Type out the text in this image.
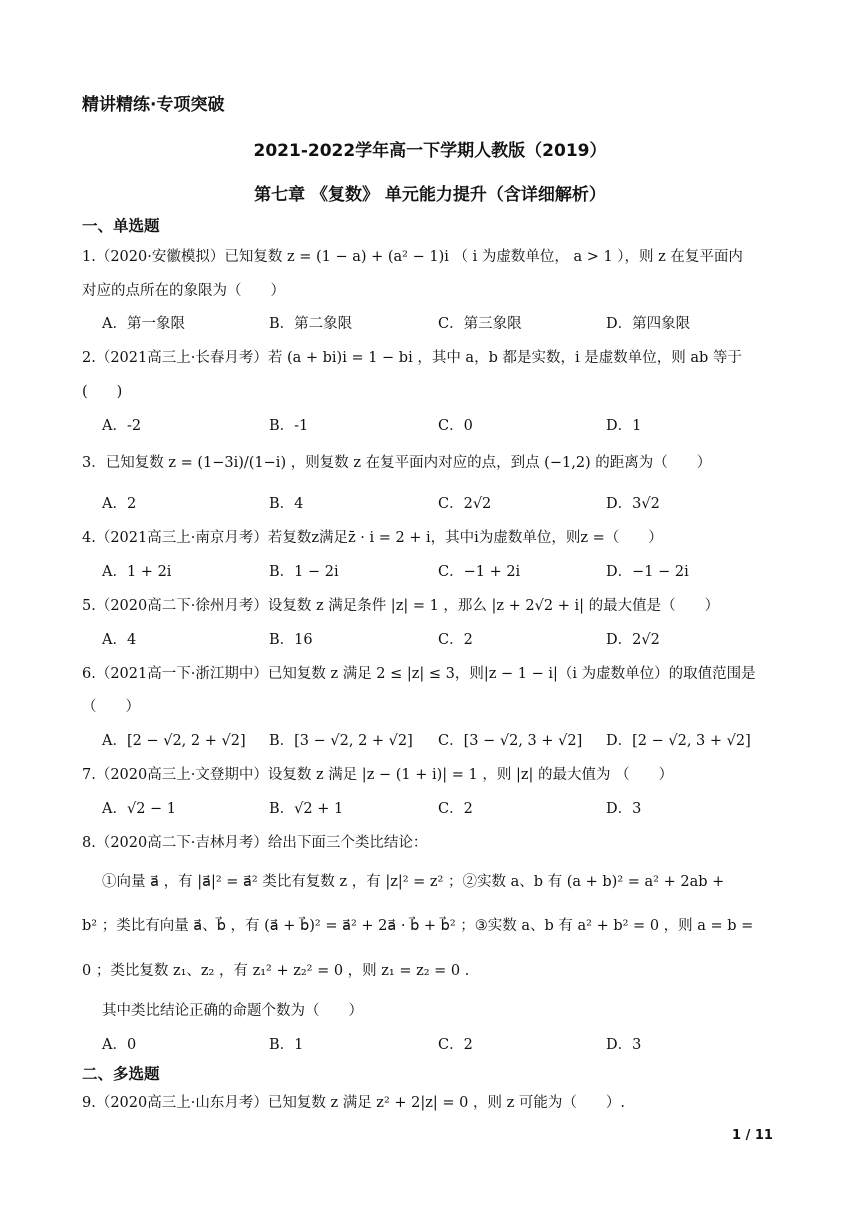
精讲精练·专项突破
2021-2022学年高一下学期人教版（2019）
第七章 《复数》 单元能力提升（含详细解析）
一、单选题
1.（2020·安徽模拟）已知复数 z = (1 − a) + (a² − 1)i （ i 为虚数单位， a > 1 ），则 z 在复平面内
对应的点所在的象限为（　　）
A．第一象限	B．第二象限	C．第三象限	D．第四象限
2.（2021高三上·长春月考）若 (a + bi)i = 1 − bi ，其中 a，b 都是实数，i 是虚数单位，则 ab 等于
(　　)
A．-2	B．-1	C．0	D．1
3．已知复数 z = (1−3i)/(1−i) ，则复数 z 在复平面内对应的点，到点 (−1,2) 的距离为（　　）
A．2	B．4	C．2√2	D．3√2
4.（2021高三上·南京月考）若复数z满足z̄ · i = 2 + i，其中i为虚数单位，则z =（　　）
A．1 + 2i	B．1 − 2i	C．−1 + 2i	D．−1 − 2i
5.（2020高二下·徐州月考）设复数 z 满足条件 |z| = 1 ，那么 |z + 2√2 + i| 的最大值是（　　）
A．4	B．16	C．2	D．2√2
6.（2021高一下·浙江期中）已知复数 z 满足 2 ≤ |z| ≤ 3，则|z − 1 − i|（i 为虚数单位）的取值范围是
（　　）
A．[2 − √2, 2 + √2] B．[3 − √2, 2 + √2] C．[3 − √2, 3 + √2] D．[2 − √2, 3 + √2]
7.（2020高三上·文登期中）设复数 z 满足 |z − (1 + i)| = 1 ，则 |z| 的最大值为 （　　）
A．√2 − 1	B．√2 + 1	C．2	D．3
8.（2020高二下·吉林月考）给出下面三个类比结论：
①向量 a⃗ ，有 |a⃗|² = a⃗² 类比有复数 z ，有 |z|² = z² ；②实数 a、b 有 (a + b)² = a² + 2ab +
b² ；类比有向量 a⃗、b⃗ ，有 (a⃗ + b⃗)² = a⃗² + 2a⃗ · b⃗ + b⃗² ；③实数 a、b 有 a² + b² = 0 ，则 a = b =
0 ；类比复数 z₁、z₂ ，有 z₁² + z₂² = 0 ，则 z₁ = z₂ = 0 .
其中类比结论正确的命题个数为（　　）
A．0	B．1	C．2	D．3
二、多选题
9.（2020高三上·山东月考）已知复数 z 满足 z² + 2|z| = 0 ，则 z 可能为（　　）.
1 / 11
